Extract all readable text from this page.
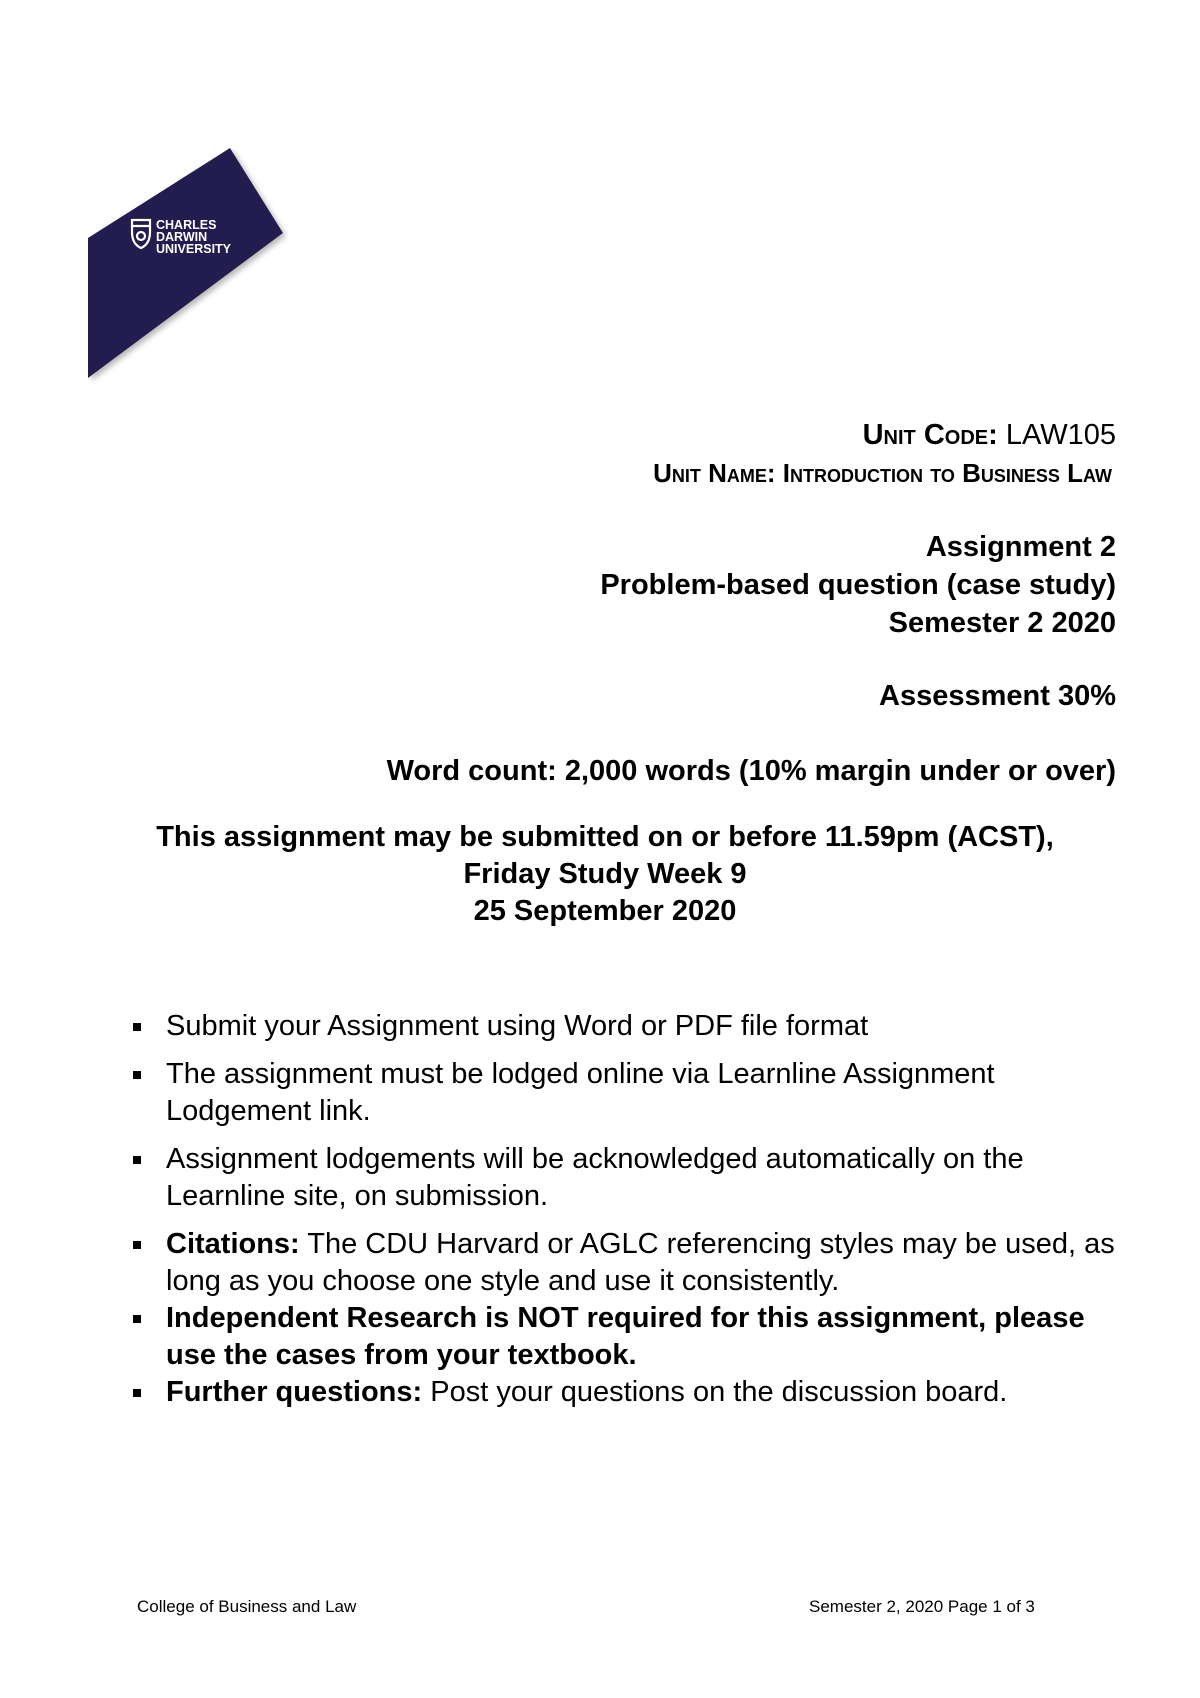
CHARLES
DARWIN
UNIVERSITY
Unit Code: LAW105
Unit Name: Introduction to Business Law
Assignment 2
Problem-based question (case study)
Semester 2 2020
Assessment 30%
Word count: 2,000 words (10% margin under or over)
This assignment may be submitted on or before 11.59pm (ACST),
Friday Study Week 9
25 September 2020
Submit your Assignment using Word or PDF file format
The assignment must be lodged online via Learnline Assignment Lodgement link.
Assignment lodgements will be acknowledged automatically on the Learnline site, on submission.
Citations: The CDU Harvard or AGLC referencing styles may be used, as long as you choose one style and use it consistently.
Independent Research is NOT required for this assignment, please use the cases from your textbook.
Further questions: Post your questions on the discussion board.
College of Business and Law	Semester 2, 2020 Page 1 of 3
